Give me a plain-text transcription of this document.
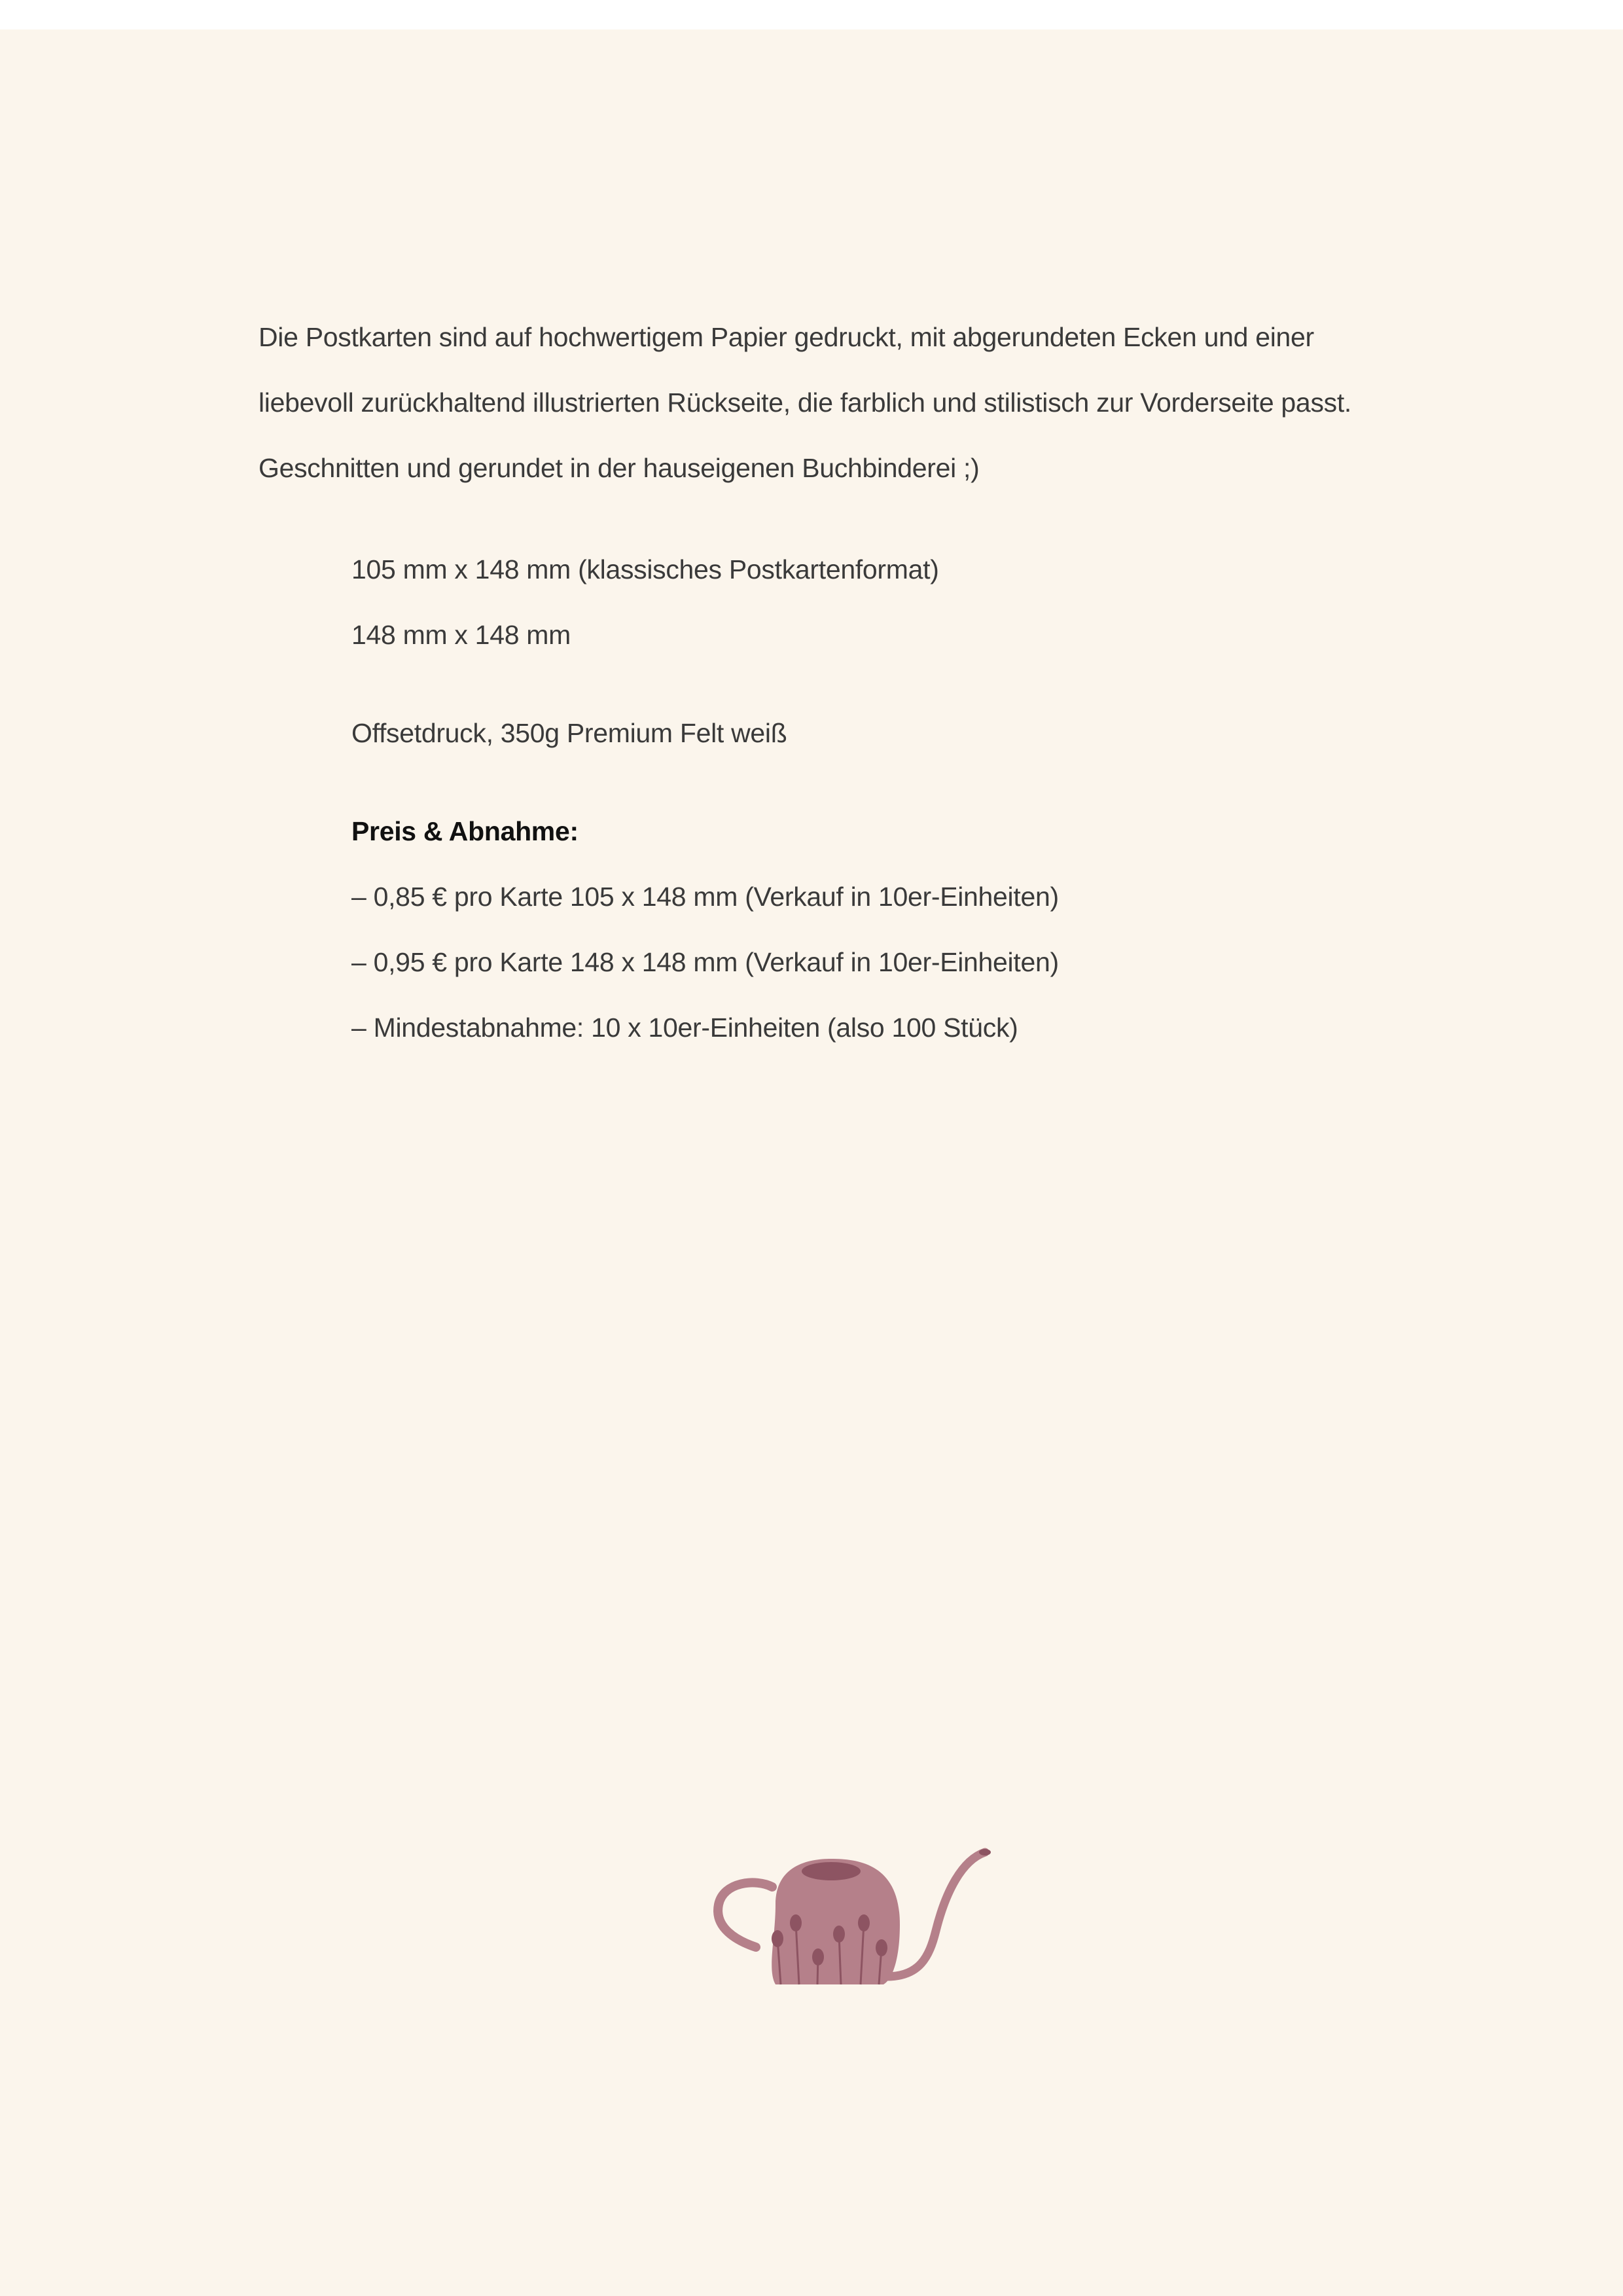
Die Postkarten sind auf hochwertigem Papier gedruckt, mit abgerundeten Ecken und einer

liebevoll zurückhaltend illustrierten Rückseite, die farblich und stilistisch zur Vorderseite passt.

Geschnitten und gerundet in der hauseigenen Buchbinderei ;)

105 mm x 148 mm (klassisches Postkartenformat)
148 mm x 148 mm
Offsetdruck, 350g Premium Felt weiß
Preis & Abnahme:
– 0,85 € pro Karte 105 x 148 mm (Verkauf in 10er-Einheiten)
– 0,95 € pro Karte 148 x 148 mm (Verkauf in 10er-Einheiten)
– Mindestabnahme: 10 x 10er-Einheiten (also 100 Stück)
